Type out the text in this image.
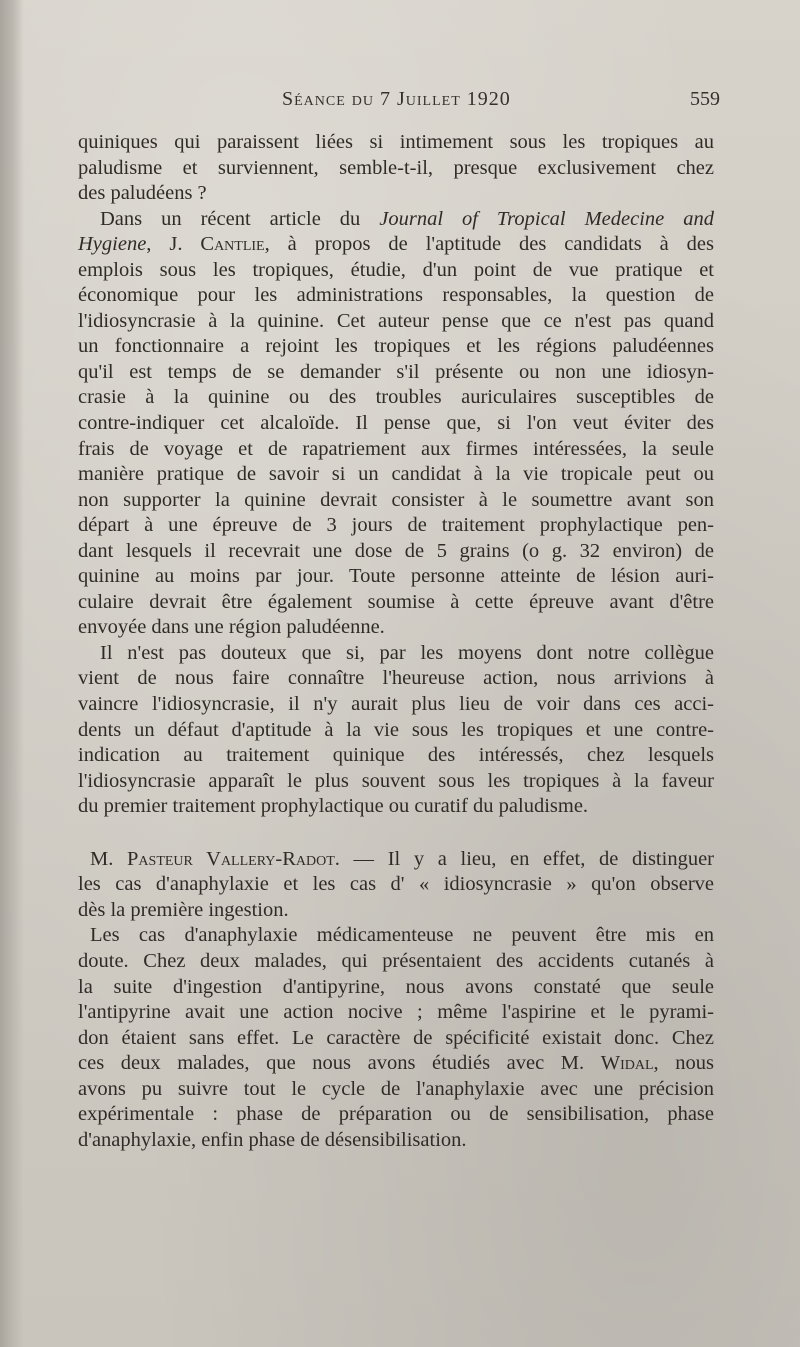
Séance du 7 Juillet 1920	559
quiniques qui paraissent liées si intimement sous les tropiques au
paludisme et surviennent, semble-t-il, presque exclusivement chez
des paludéens ?
Dans un récent article du Journal of Tropical Medecine and
Hygiene, J. Cantlie, à propos de l'aptitude des candidats à des
emplois sous les tropiques, étudie, d'un point de vue pratique et
économique pour les administrations responsables, la question de
l'idiosyncrasie à la quinine. Cet auteur pense que ce n'est pas quand
un fonctionnaire a rejoint les tropiques et les régions paludéennes
qu'il est temps de se demander s'il présente ou non une idiosyn-
crasie à la quinine ou des troubles auriculaires susceptibles de
contre-indiquer cet alcaloïde. Il pense que, si l'on veut éviter des
frais de voyage et de rapatriement aux firmes intéressées, la seule
manière pratique de savoir si un candidat à la vie tropicale peut ou
non supporter la quinine devrait consister à le soumettre avant son
départ à une épreuve de 3 jours de traitement prophylactique pen-
dant lesquels il recevrait une dose de 5 grains (o g. 32 environ) de
quinine au moins par jour. Toute personne atteinte de lésion auri-
culaire devrait être également soumise à cette épreuve avant d'être
envoyée dans une région paludéenne.
Il n'est pas douteux que si, par les moyens dont notre collègue
vient de nous faire connaître l'heureuse action, nous arrivions à
vaincre l'idiosyncrasie, il n'y aurait plus lieu de voir dans ces acci-
dents un défaut d'aptitude à la vie sous les tropiques et une contre-
indication au traitement quinique des intéressés, chez lesquels
l'idiosyncrasie apparaît le plus souvent sous les tropiques à la faveur
du premier traitement prophylactique ou curatif du paludisme.
M. Pasteur Vallery-Radot. — Il y a lieu, en effet, de distinguer
les cas d'anaphylaxie et les cas d' « idiosyncrasie » qu'on observe
dès la première ingestion.
Les cas d'anaphylaxie médicamenteuse ne peuvent être mis en
doute. Chez deux malades, qui présentaient des accidents cutanés à
la suite d'ingestion d'antipyrine, nous avons constaté que seule
l'antipyrine avait une action nocive ; même l'aspirine et le pyrami-
don étaient sans effet. Le caractère de spécificité existait donc. Chez
ces deux malades, que nous avons étudiés avec M. Widal, nous
avons pu suivre tout le cycle de l'anaphylaxie avec une précision
expérimentale : phase de préparation ou de sensibilisation, phase
d'anaphylaxie, enfin phase de désensibilisation.
